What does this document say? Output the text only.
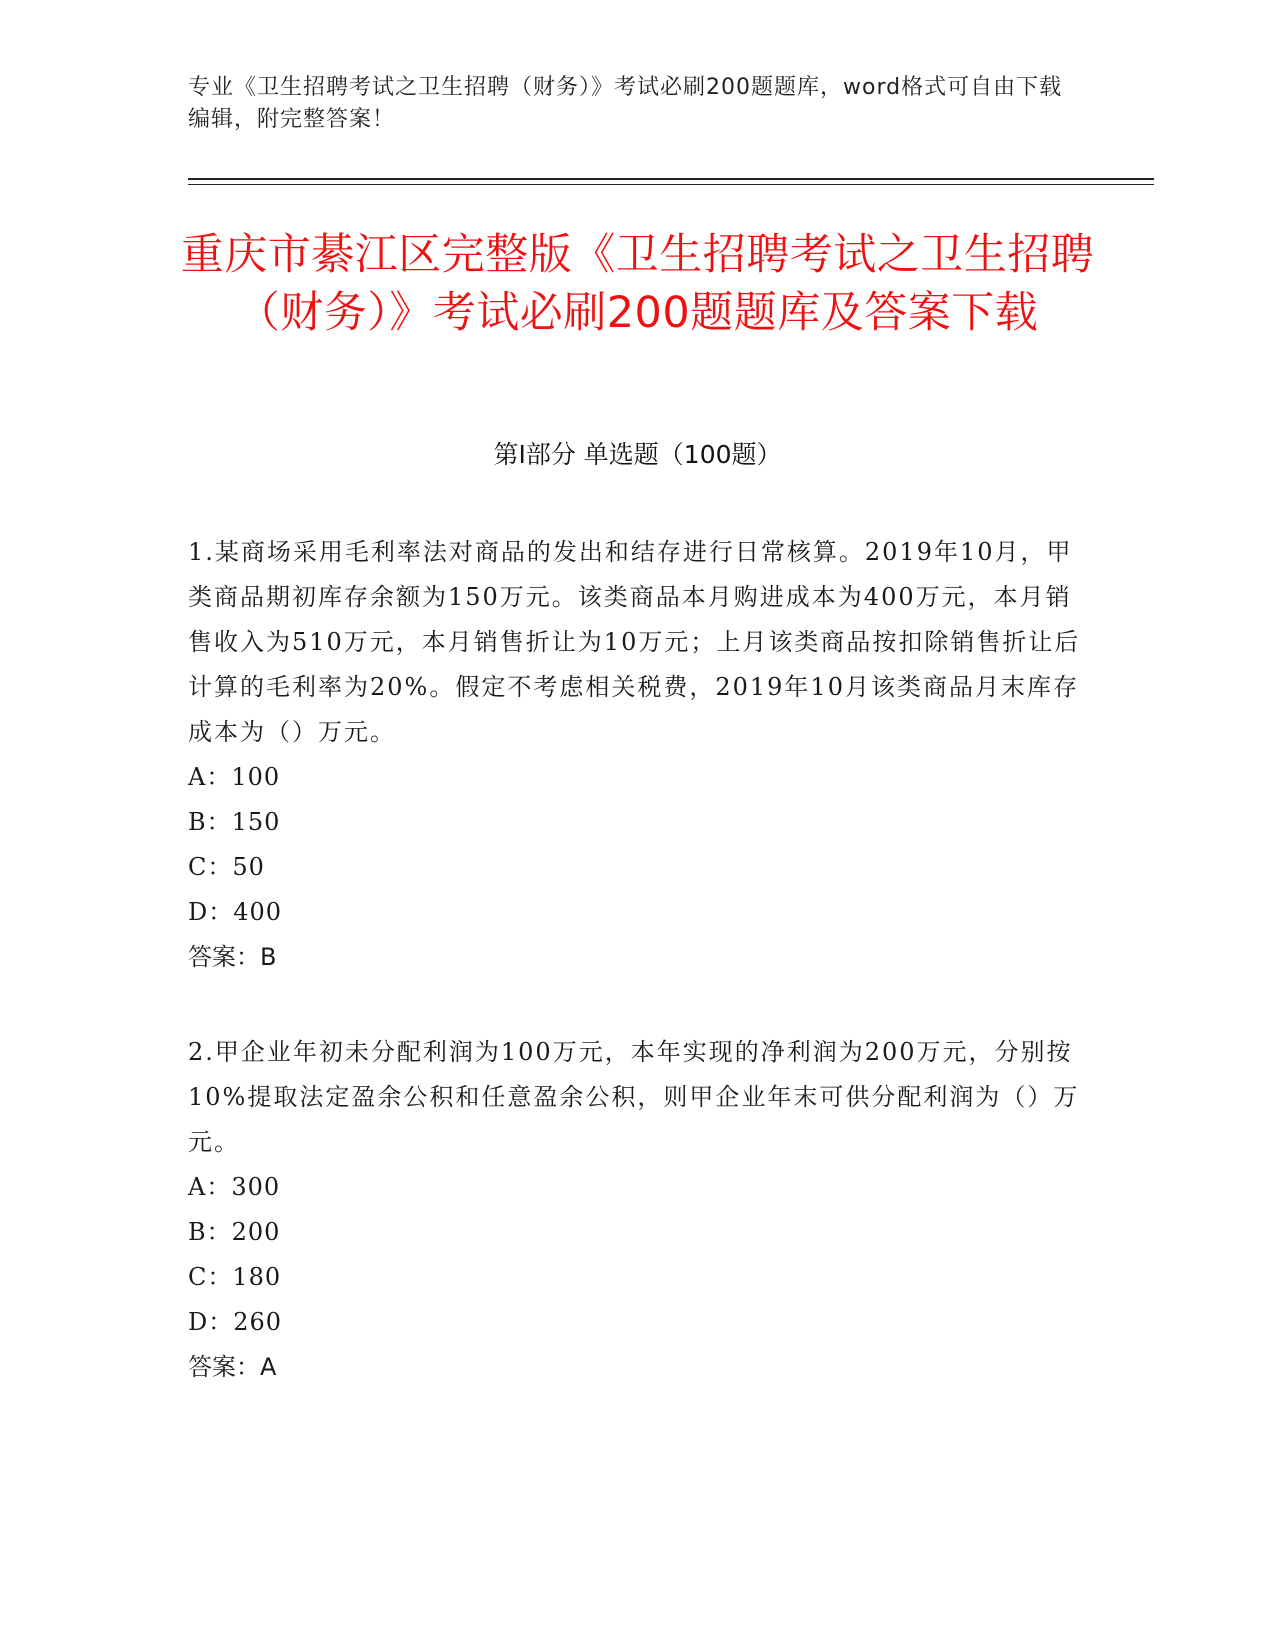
专业《卫生招聘考试之卫生招聘（财务）》考试必刷200题题库，word格式可自由下载编辑，附完整答案！
重庆市綦江区完整版《卫生招聘考试之卫生招聘（财务）》考试必刷200题题库及答案下载
第I部分 单选题（100题）

1.某商场采用毛利率法对商品的发出和结存进行日常核算。2019年10月，甲类商品期初库存余额为150万元。该类商品本月购进成本为400万元，本月销售收入为510万元，本月销售折让为10万元；上月该类商品按扣除销售折让后计算的毛利率为20%。假定不考虑相关税费，2019年10月该类商品月末库存成本为（）万元。

A：100
B：150
C：50
D：400
答案：B

2.甲企业年初未分配利润为100万元，本年实现的净利润为200万元，分别按10%提取法定盈余公积和任意盈余公积，则甲企业年末可供分配利润为（）万元。

A：300
B：200
C：180
D：260
答案：A
